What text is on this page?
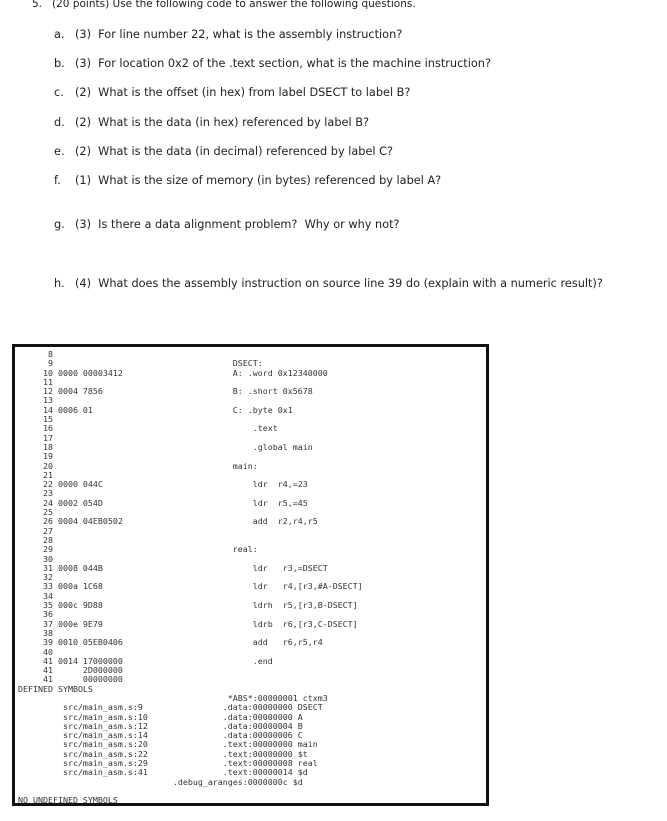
5.   (20 points) Use the following code to answer the following questions.
a. (3)  For line number 22, what is the assembly instruction?
b. (3)  For location 0x2 of the .text section, what is the machine instruction?
c. (2)  What is the offset (in hex) from label DSECT to label B?
d. (2)  What is the data (in hex) referenced by label B?
e. (2)  What is the data (in decimal) referenced by label C?
f. (1)  What is the size of memory (in bytes) referenced by label A?
g. (3)  Is there a data alignment problem?  Why or why not?
h. (4)  What does the assembly instruction on source line 39 do (explain with a numeric result)?
8
9                                    DSECT:
10 0000 00003412                      A: .word 0x12340000
11
12 0004 7856                          B: .short 0x5678
13
14 0006 01                            C: .byte 0x1
15
16                                        .text
17
18                                        .global main
19
20                                    main:
21
22 0000 044C                              ldr  r4,=23
23
24 0002 054D                              ldr  r5,=45
25
26 0004 04EB0502                          add  r2,r4,r5
27
28
29                                    real:
30
31 0008 044B                              ldr   r3,=DSECT
32
33 000a 1C68                              ldr   r4,[r3,#A-DSECT]
34
35 000c 9D88                              ldrh  r5,[r3,B-DSECT]
36
37 000e 9E79                              ldrb  r6,[r3,C-DSECT]
38
39 0010 05EB0406                          add   r6,r5,r4
40
41 0014 17000000                          .end
41      2D000000
41      00000000
DEFINED SYMBOLS
*ABS*:00000001 ctxm3
src/main_asm.s:9                .data:00000000 DSECT
src/main_asm.s:10               .data:00000000 A
src/main_asm.s:12               .data:00000004 B
src/main_asm.s:14               .data:00000006 C
src/main_asm.s:20               .text:00000000 main
src/main_asm.s:22               .text:00000000 $t
src/main_asm.s:29               .text:00000008 real
src/main_asm.s:41               .text:00000014 $d
.debug_aranges:0000000c $d

NO UNDEFINED SYMBOLS
